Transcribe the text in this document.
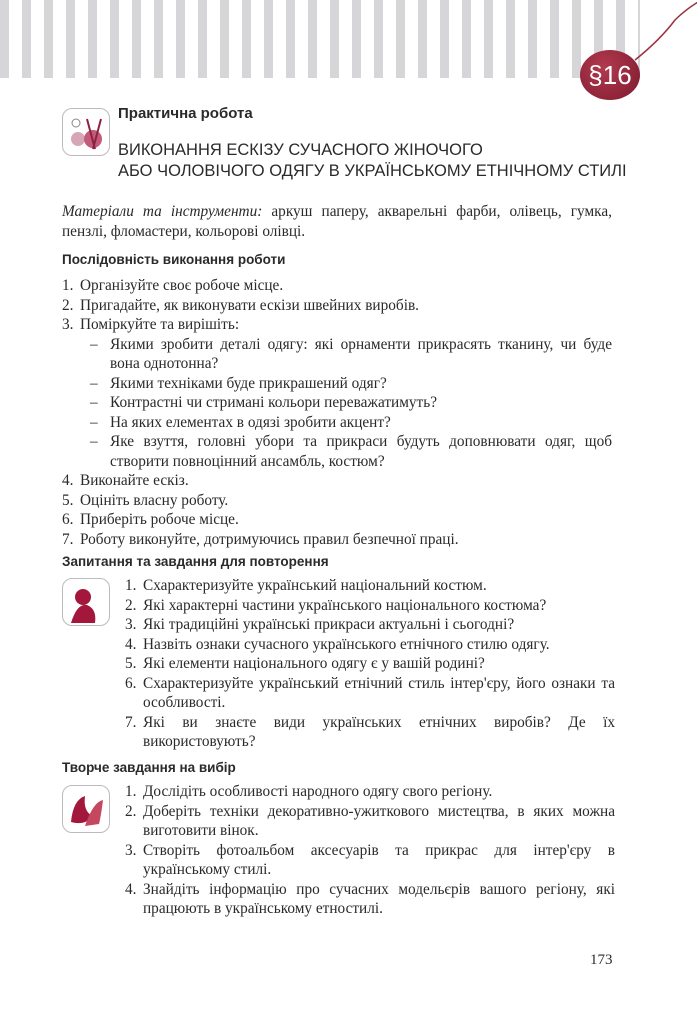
§16
Практична робота
ВИКОНАННЯ ЕСКІЗУ СУЧАСНОГО ЖІНОЧОГО
АБО ЧОЛОВІЧОГО ОДЯГУ В УКРАЇНСЬКОМУ ЕТНІЧНОМУ СТИЛІ
Матеріали та інструменти: аркуш паперу, акварельні фарби, олівець, гумка, пензлі, фломастери, кольорові олівці.
Послідовність виконання роботи
1. Організуйте своє робоче місце.
2. Пригадайте, як виконувати ескізи швейних виробів.
3. Поміркуйте та вирішіть:
– Якими зробити деталі одягу: які орнаменти прикрасять тканину, чи буде вона однотонна?
– Якими техніками буде прикрашений одяг?
– Контрастні чи стримані кольори переважатимуть?
– На яких елементах в одязі зробити акцент?
– Яке взуття, головні убори та прикраси будуть доповнювати одяг, щоб створити повноцінний ансамбль, костюм?
4. Виконайте ескіз.
5. Оцініть власну роботу.
6. Приберіть робоче місце.
7. Роботу виконуйте, дотримуючись правил безпечної праці.
Запитання та завдання для повторення
1. Схарактеризуйте український національний костюм.
2. Які характерні частини українського національного костюма?
3. Які традиційні українські прикраси актуальні і сьогодні?
4. Назвіть ознаки сучасного українського етнічного стилю одягу.
5. Які елементи національного одягу є у вашій родині?
6. Схарактеризуйте український етнічний стиль інтер'єру, його ознаки та особливості.
7. Які ви знаєте види українських етнічних виробів? Де їх використовують?
Творче завдання на вибір
1. Дослідіть особливості народного одягу свого регіону.
2. Доберіть техніки декоративно-ужиткового мистецтва, в яких можна виготовити вінок.
3. Створіть фотоальбом аксесуарів та прикрас для інтер'єру в українському стилі.
4. Знайдіть інформацію про сучасних модельєрів вашого регіону, які працюють в українському етностилі.
173
